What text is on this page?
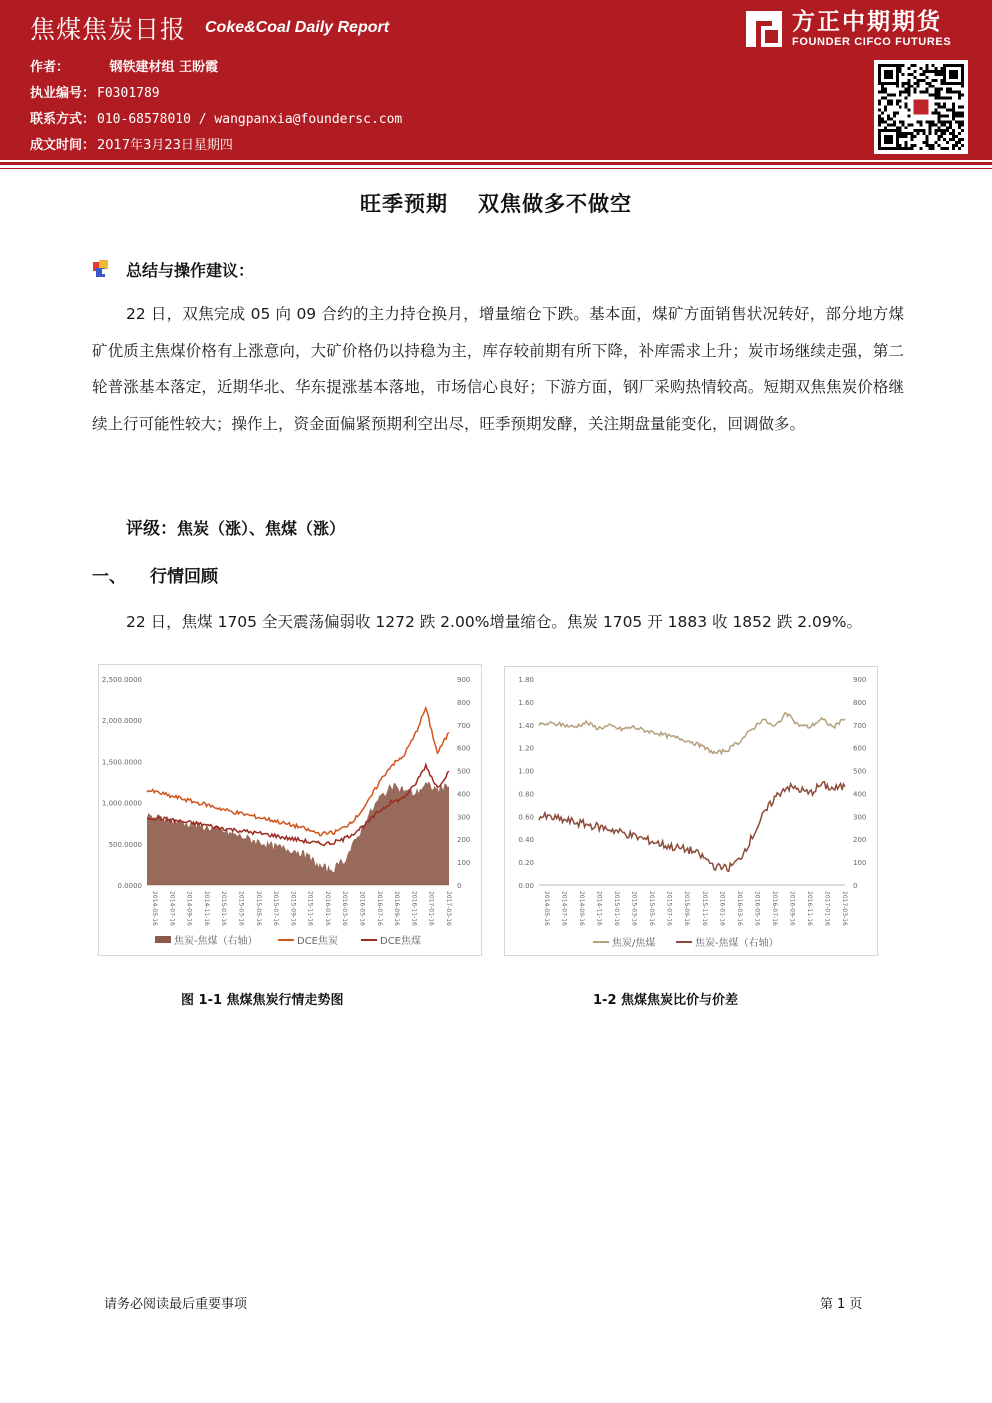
焦煤焦炭日报 Coke&Coal Daily Report
作者：	钢铁建材组 王盼霞
执业编号： F0301789
联系方式： 010-68578010 / wangpanxia@foundersc.com
成文时间： 2017年3月23日星期四
方正中期期货
FOUNDER CIFCO FUTURES
旺季预期 双焦做多不做空
总结与操作建议：

22 日，双焦完成 05 向 09 合约的主力持仓换月，增量缩仓下跌。基本面，煤矿方面销售状况转好，部分地方煤矿优质主焦煤价格有上涨意向，大矿价格仍以持稳为主，库存较前期有所下降，补库需求上升；炭市场继续走强，第二轮普涨基本落定，近期华北、华东提涨基本落地，市场信心良好；下游方面，钢厂采购热情较高。短期双焦焦炭价格继续上行可能性较大；操作上，资金面偏紧预期利空出尽，旺季预期发酵，关注期盘量能变化，回调做多。

评级：焦炭（涨）、焦煤（涨）
一、 行情回顾

22 日，焦煤 1705 全天震荡偏弱收 1272 跌 2.00%增量缩仓。焦炭 1705 开 1883 收 1852 跌 2.09%。

0.0000
500.0000
1,000.0000
1,500.0000
2,000.0000
2,500.0000
0
100
200
300
400
500
600
700
800
900
2014-05-16 2014-07-16 2014-09-16 2014-11-16 2015-01-16 2015-03-16 2015-05-16 2015-07-16 2015-09-16 2015-11-16 2016-01-16 2016-03-16 2016-05-16 2016-07-16 2016-09-16 2016-11-16 2017-01-16 2017-03-16
焦炭-焦煤（右轴）	DCE焦炭	DCE焦煤
0.00
0.20
0.40
0.60
0.80
1.00
1.20
1.40
1.60
1.80
0
100
200
300
400
500
600
700
800
900
2014-05-16 2014-07-16 2014-09-16 2014-11-16 2015-01-16 2015-03-16 2015-05-16 2015-07-16 2015-09-16 2015-11-16 2016-01-16 2016-03-16 2016-05-16 2016-07-16 2016-09-16 2016-11-16 2017-01-16 2017-03-16
焦炭/焦煤	焦炭-焦煤（右轴）
图 1-1 焦煤焦炭行情走势图	1-2 焦煤焦炭比价与价差
请务必阅读最后重要事项	第 1 页
